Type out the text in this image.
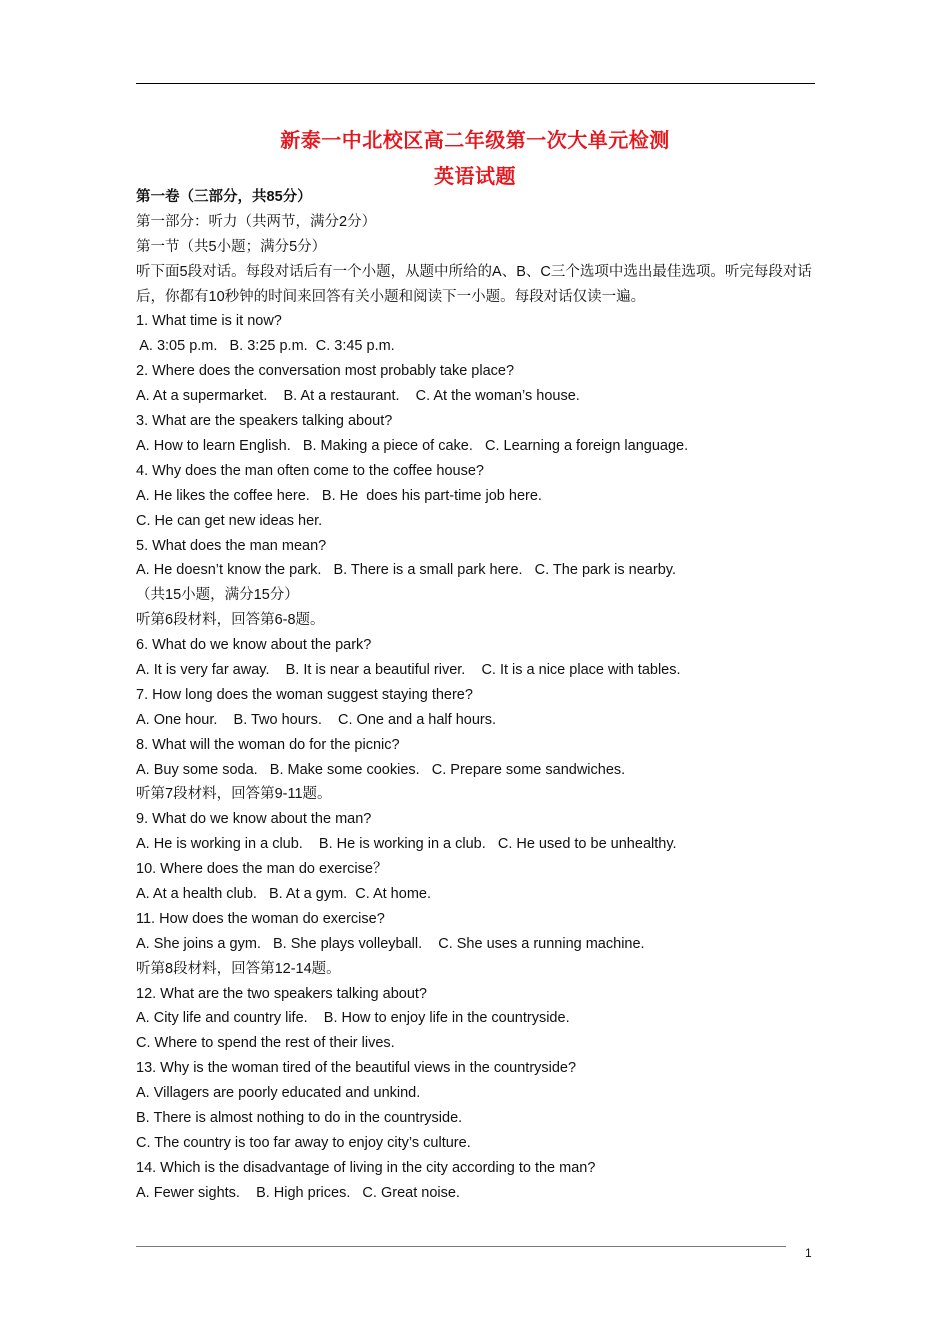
新泰一中北校区高二年级第一次大单元检测
英语试题
第一卷（三部分，共85分）
第一部分：听力（共两节，满分2分）
第一节（共5小题；满分5分）
听下面5段对话。每段对话后有一个小题，从题中所给的A、B、C三个选项中选出最佳选项。听完每段对话后，你都有10秒钟的时间来回答有关小题和阅读下一小题。每段对话仅读一遍。
1. What time is it now?
A. 3:05 p.m.   B. 3:25 p.m.  C. 3:45 p.m.
2. Where does the conversation most probably take place?
A. At a supermarket.    B. At a restaurant.    C. At the woman’s house.
3. What are the speakers talking about?
A. How to learn English.   B. Making a piece of cake.   C. Learning a foreign language.
4. Why does the man often come to the coffee house?
A. He likes the coffee here.   B. He  does his part-time job here.
C. He can get new ideas her.
5. What does the man mean?
A. He doesn’t know the park.   B. There is a small park here.   C. The park is nearby.
（共15小题，满分15分）
听第6段材料，回答第6-8题。
6. What do we know about the park?
A. It is very far away.    B. It is near a beautiful river.    C. It is a nice place with tables.
7. How long does the woman suggest staying there?
A. One hour.    B. Two hours.    C. One and a half hours.
8. What will the woman do for the picnic?
A. Buy some soda.   B. Make some cookies.   C. Prepare some sandwiches.
听第7段材料，回答第9-11题。
9. What do we know about the man?
A. He is working in a club.    B. He is working in a club.   C. He used to be unhealthy.
10. Where does the man do exercise？
A. At a health club.   B. At a gym.  C. At home.
11. How does the woman do exercise?
A. She joins a gym.   B. She plays volleyball.    C. She uses a running machine.
听第8段材料，回答第12-14题。
12. What are the two speakers talking about?
A. City life and country life.    B. How to enjoy life in the countryside.
C. Where to spend the rest of their lives.
13. Why is the woman tired of the beautiful views in the countryside?
A. Villagers are poorly educated and unkind.
B. There is almost nothing to do in the countryside.
C. The country is too far away to enjoy city’s culture.
14. Which is the disadvantage of living in the city according to the man?
A. Fewer sights.    B. High prices.   C. Great noise.
1
